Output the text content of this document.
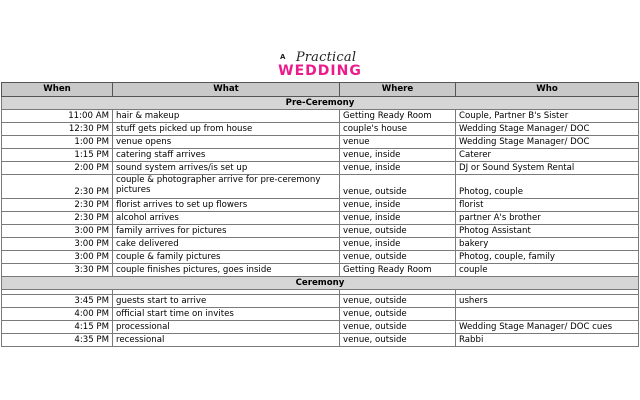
A Practical
WEDDING
When	What	Where	Who
Pre-Ceremony			
11:00 AM	hair & makeup	Getting Ready Room	Couple, Partner B's Sister
12:30 PM	stuff gets picked up from house	couple's house	Wedding Stage Manager/ DOC
1:00 PM	venue opens	venue	Wedding Stage Manager/ DOC
1:15 PM	catering staff arrives	venue, inside	Caterer
2:00 PM	sound system arrives/is set up	venue, inside	DJ or Sound System Rental
2:30 PM	couple & photographer arrive for pre-ceremony pictures	venue, outside	Photog, couple
2:30 PM	florist arrives to set up flowers	venue, inside	florist
2:30 PM	alcohol arrives	venue, inside	partner A's brother
3:00 PM	family arrives for pictures	venue, outside	Photog Assistant
3:00 PM	cake delivered	venue, inside	bakery
3:00 PM	couple & family pictures	venue, outside	Photog, couple, family
3:30 PM	couple finishes pictures, goes inside	Getting Ready Room	couple
Ceremony			

3:45 PM	guests start to arrive	venue, outside	ushers
4:00 PM	official start time on invites	venue, outside	
4:15 PM	processional	venue, outside	Wedding Stage Manager/ DOC cues
4:35 PM	recessional	venue, outside	Rabbi
